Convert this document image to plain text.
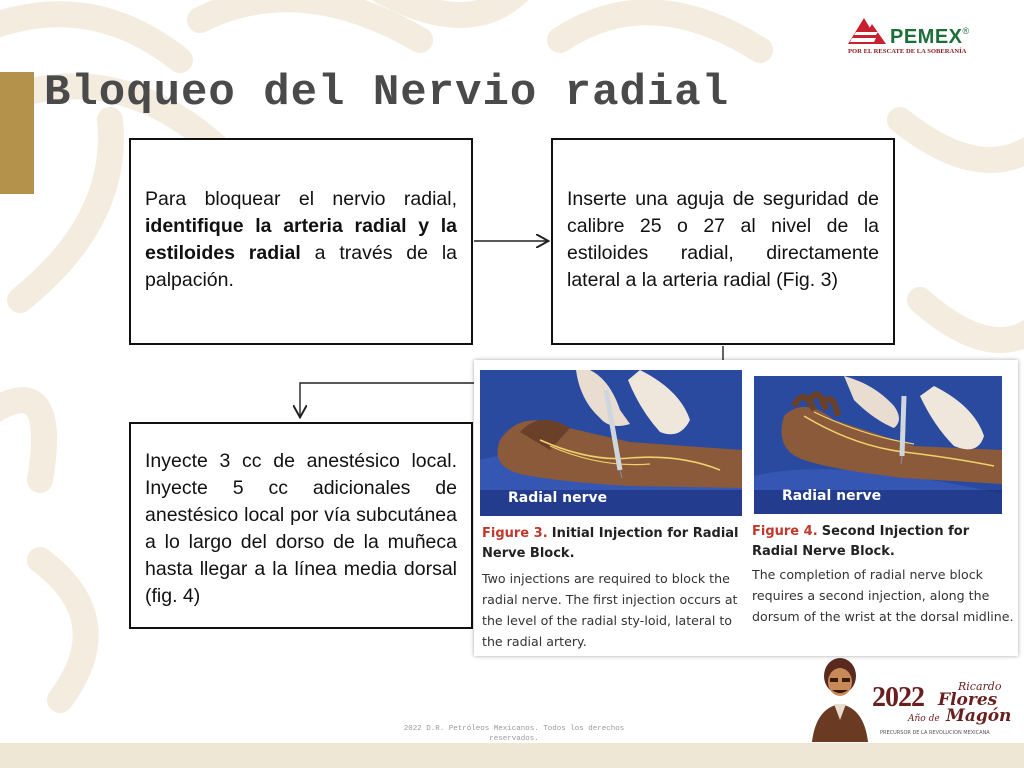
PEMEX®
POR EL RESCATE DE LA SOBERANÍA
Bloqueo del Nervio radial

Para bloquear el nervio radial, identifique la arteria radial y la estiloides radial a través de la palpación.

Inserte una aguja de seguridad de calibre 25 o 27 al nivel de la estiloides radial, directamente lateral a la arteria radial (Fig. 3)

Inyecte 3 cc de anestésico local. Inyecte 5 cc adicionales de anestésico local por vía subcutánea a lo largo del dorso de la muñeca hasta llegar a la línea media dorsal (fig. 4)

Radial nerve
Figure 3. Initial Injection for Radial Nerve Block.
Two injections are required to block the radial nerve. The first injection occurs at the level of the radial sty-loid, lateral to the radial artery.
Radial nerve
Figure 4. Second Injection for Radial Nerve Block.
The completion of radial nerve block requires a second injection, along the dorsum of the wrist at the dorsal midline.
2022 D.R. Petróleos Mexicanos. Todos los derechos
reservados.
2022	Ricardo
Flores
Magón
Año de
PRECURSOR DE LA REVOLUCIÓN MEXICANA
